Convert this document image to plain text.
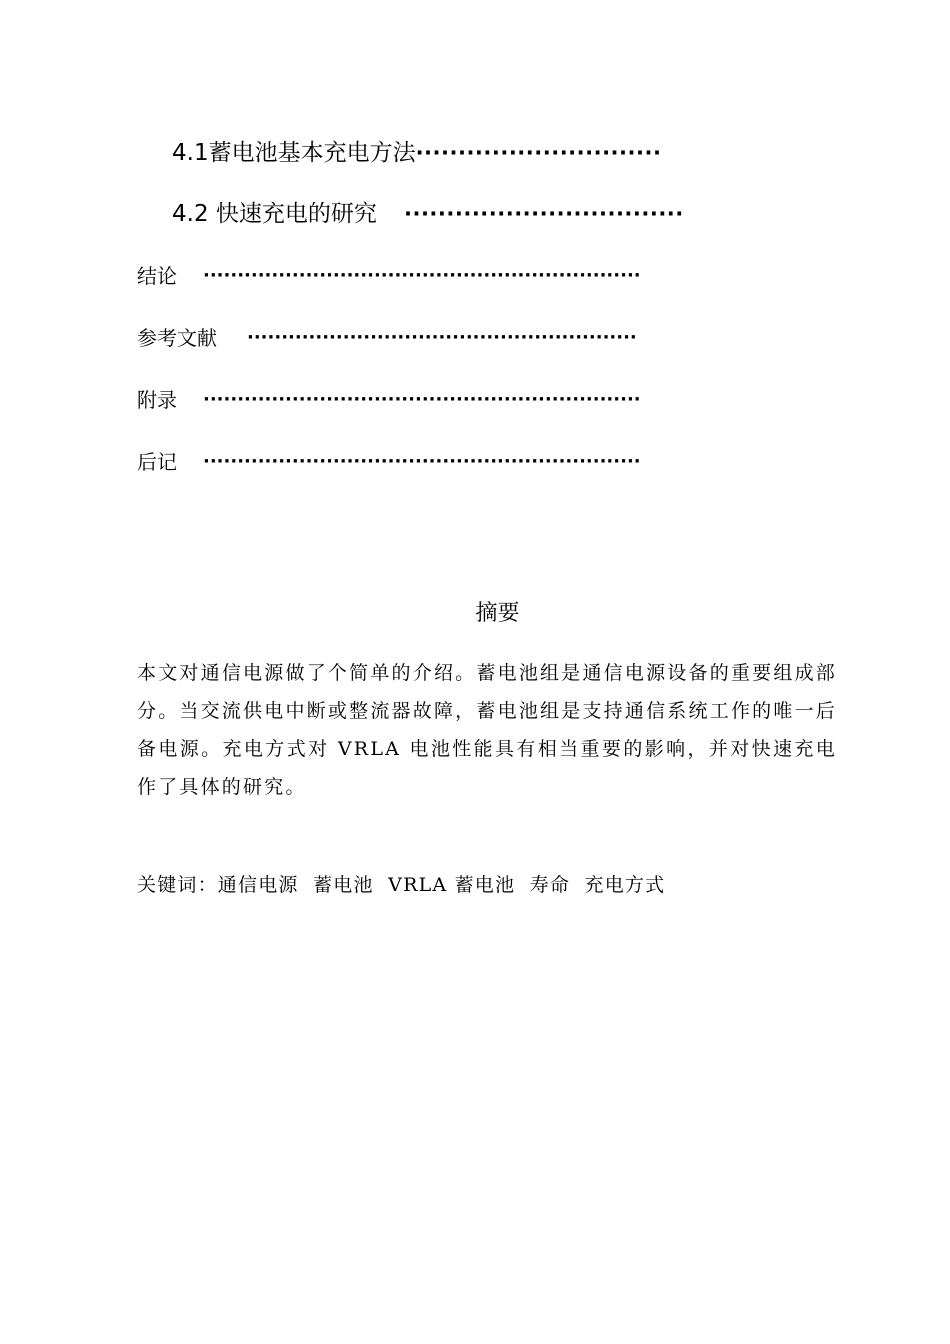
4.1蓄电池基本充电方法·····························
4.2 快速充电的研究 ·································
结论 ································································
参考文献 ·························································
附录 ································································
后记 ································································
摘要
本文对通信电源做了个简单的介绍。蓄电池组是通信电源设备的重要组成部分。当交流供电中断或整流器故障，蓄电池组是支持通信系统工作的唯一后备电源。充电方式对 VRLA 电池性能具有相当重要的影响，并对快速充电作了具体的研究。
关键词：通信电源  蓄电池  VRLA 蓄电池  寿命  充电方式
